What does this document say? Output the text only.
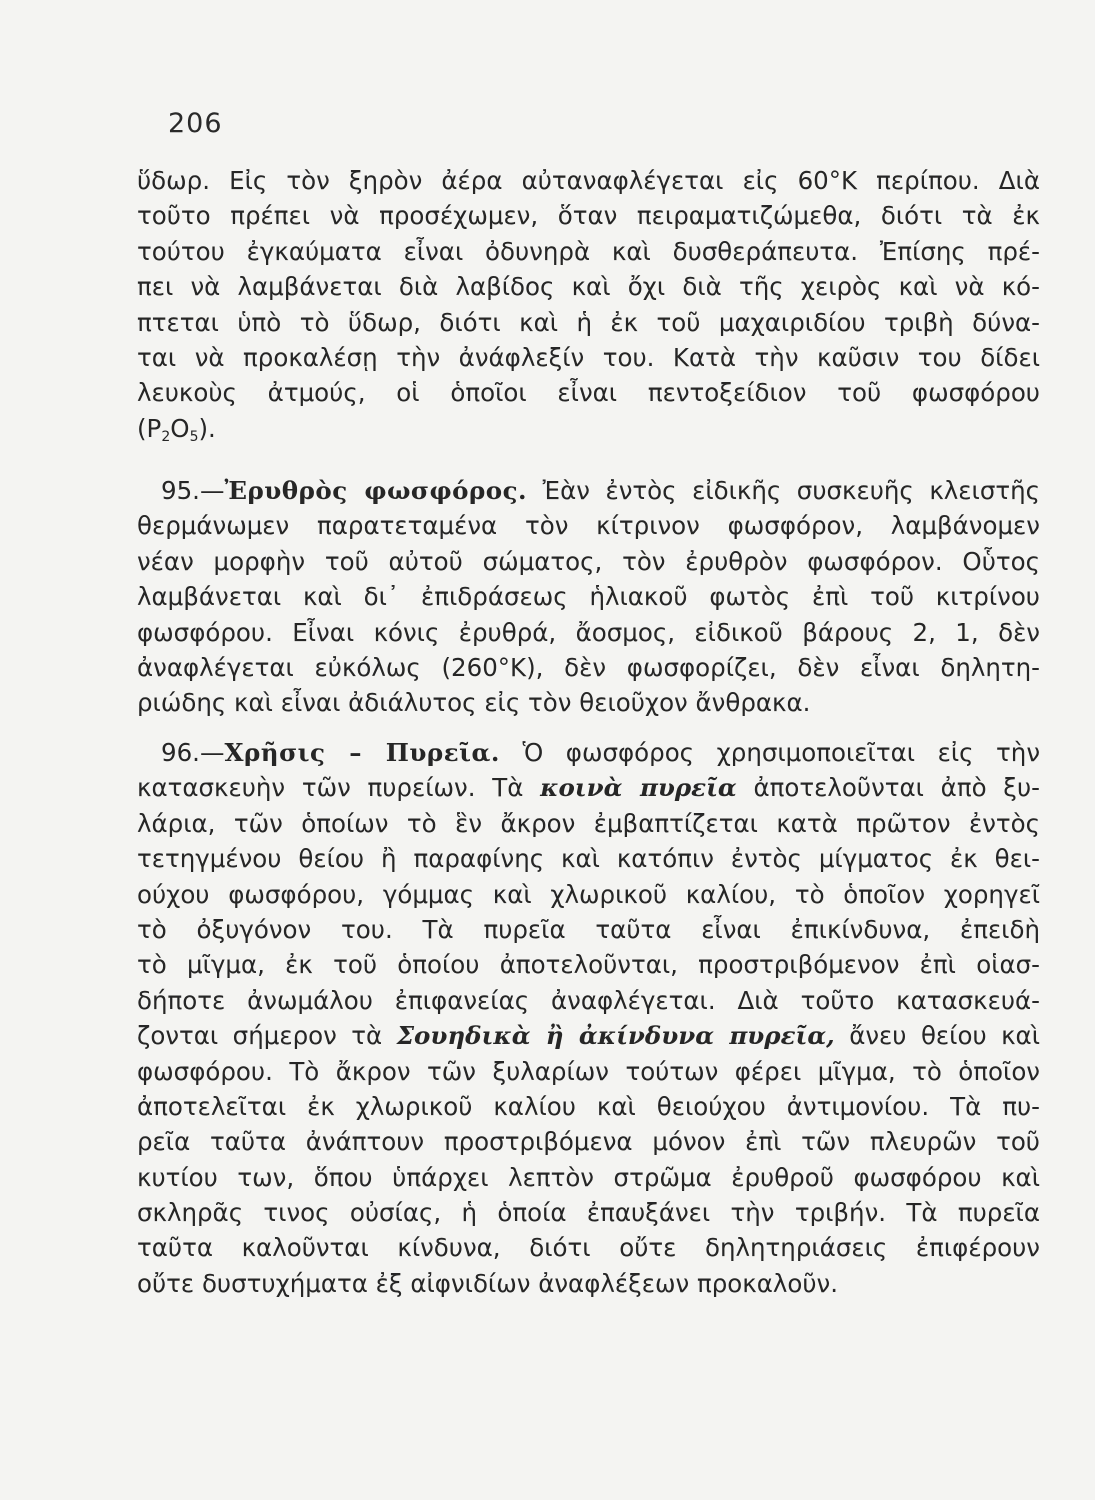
206
ὕδωρ. Εἰς τὸν ξηρὸν ἀέρα αὐταναφλέγεται εἰς 60°Κ περίπου. Διὰ
τοῦτο πρέπει νὰ προσέχωμεν, ὅταν πειραματιζώμεθα, διότι τὰ ἐκ
τούτου ἐγκαύματα εἶναι ὀδυνηρὰ καὶ δυσθεράπευτα. Ἐπίσης πρέ-
πει νὰ λαμβάνεται διὰ λαβίδος καὶ ὄχι διὰ τῆς χειρὸς καὶ νὰ κό-
πτεται ὑπὸ τὸ ὕδωρ, διότι καὶ ἡ ἐκ τοῦ μαχαιριδίου τριβὴ δύνα-
ται νὰ προκαλέσῃ τὴν ἀνάφλεξίν του. Κατὰ τὴν καῦσιν του δίδει
λευκοὺς ἀτμούς, οἱ ὁποῖοι εἶναι πεντοξείδιον τοῦ φωσφόρου
$(P_2O_5)$.
95.—Ἐρυθρὸς φωσφόρος. Ἐὰν ἐντὸς εἰδικῆς συσκευῆς κλειστῆς
θερμάνωμεν παρατεταμένα τὸν κίτρινον φωσφόρον, λαμβάνομεν
νέαν μορφὴν τοῦ αὐτοῦ σώματος, τὸν ἐρυθρὸν φωσφόρον. Οὗτος
λαμβάνεται καὶ δι᾽ ἐπιδράσεως ἡλιακοῦ φωτὸς ἐπὶ τοῦ κιτρίνου
φωσφόρου. Εἶναι κόνις ἐρυθρά, ἄοσμος, εἰδικοῦ βάρους 2, 1, δὲν
ἀναφλέγεται εὐκόλως (260°Κ), δὲν φωσφορίζει, δὲν εἶναι δηλητη-
ριώδης καὶ εἶναι ἀδιάλυτος εἰς τὸν θειοῦχον ἄνθρακα.
96.—Χρῆσις – Πυρεῖα. Ὁ φωσφόρος χρησιμοποιεῖται εἰς τὴν
κατασκευὴν τῶν πυρείων. Τὰ κοινὰ πυρεῖα ἀποτελοῦνται ἀπὸ ξυ-
λάρια, τῶν ὁποίων τὸ ἓν ἄκρον ἐμβαπτίζεται κατὰ πρῶτον ἐντὸς
τετηγμένου θείου ἢ παραφίνης καὶ κατόπιν ἐντὸς μίγματος ἐκ θει-
ούχου φωσφόρου, γόμμας καὶ χλωρικοῦ καλίου, τὸ ὁποῖον χορηγεῖ
τὸ ὀξυγόνον του. Τὰ πυρεῖα ταῦτα εἶναι ἐπικίνδυνα, ἐπειδὴ
τὸ μῖγμα, ἐκ τοῦ ὁποίου ἀποτελοῦνται, προστριβόμενον ἐπὶ οἱασ-
δήποτε ἀνωμάλου ἐπιφανείας ἀναφλέγεται. Διὰ τοῦτο κατασκευά-
ζονται σήμερον τὰ Σουηδικὰ ἢ ἀκίνδυνα πυρεῖα, ἄνευ θείου καὶ
φωσφόρου. Τὸ ἄκρον τῶν ξυλαρίων τούτων φέρει μῖγμα, τὸ ὁποῖον
ἀποτελεῖται ἐκ χλωρικοῦ καλίου καὶ θειούχου ἀντιμονίου. Τὰ πυ-
ρεῖα ταῦτα ἀνάπτουν προστριβόμενα μόνον ἐπὶ τῶν πλευρῶν τοῦ
κυτίου των, ὅπου ὑπάρχει λεπτὸν στρῶμα ἐρυθροῦ φωσφόρου καὶ
σκληρᾶς τινος οὐσίας, ἡ ὁποία ἐπαυξάνει τὴν τριβήν. Τὰ πυρεῖα
ταῦτα καλοῦνται κίνδυνα, διότι οὔτε δηλητηριάσεις ἐπιφέρουν
οὔτε δυστυχήματα ἐξ αἰφνιδίων ἀναφλέξεων προκαλοῦν.
